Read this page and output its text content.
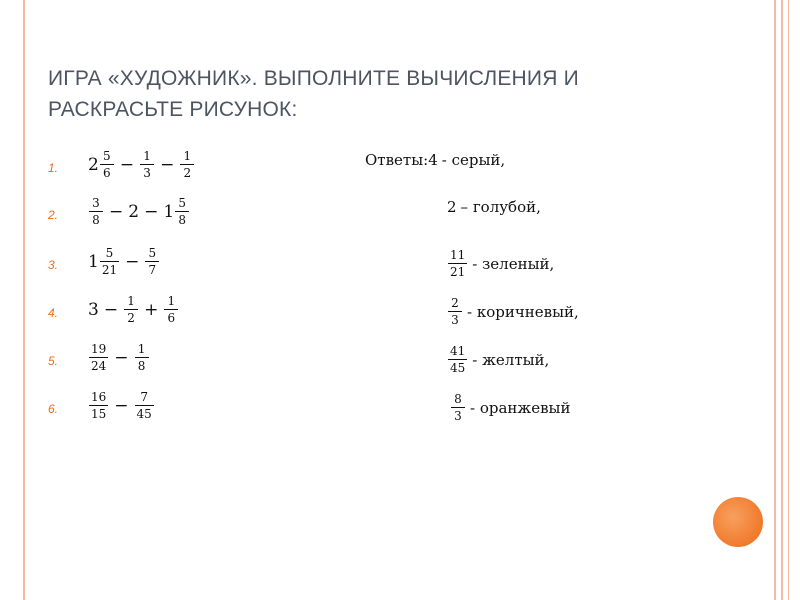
ИГРА «ХУДОЖНИК». ВЫПОЛНИТЕ ВЫЧИСЛЕНИЯ И
РАСКРАСЬТЕ РИСУНОК:
1. $2 \frac{5}{6} - \frac{1}{3} - \frac{1}{2}$	Ответы: 4 - серый,
2.	$\frac{3}{8} - 2 - 1 \frac{5}{8}$	2 – голубой,
3. $1 \frac{5}{21} - \frac{5}{7}$	$\frac{11}{21}$ - зеленый,
4. $3 - \frac{1}{2} + \frac{1}{6}$	$\frac{2}{3}$ - коричневый,
5.	$\frac{19}{24} - \frac{1}{8}$	$\frac{41}{45}$ - желтый,
6.	$\frac{16}{15} - \frac{7}{45}$	$\frac{8}{3}$ - оранжевый
